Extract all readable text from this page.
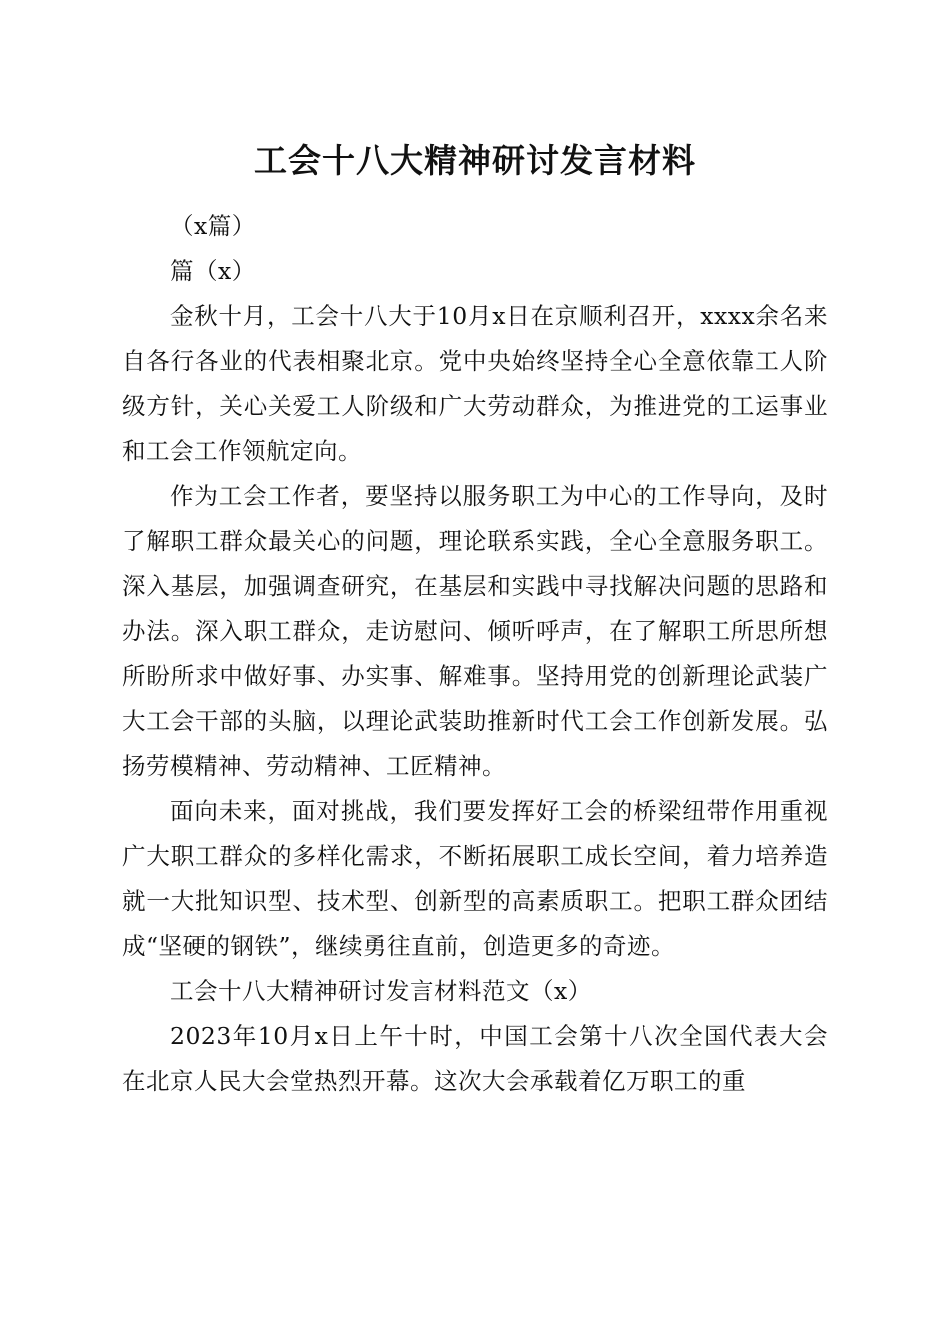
工会十八大精神研讨发言材料

（x篇）

篇（x）

金秋十月，工会十八大于10月x日在京顺利召开，xxxx余名来自各行各业的代表相聚北京。党中央始终坚持全心全意依靠工人阶级方针，关心关爱工人阶级和广大劳动群众，为推进党的工运事业和工会工作领航定向。

作为工会工作者，要坚持以服务职工为中心的工作导向，及时了解职工群众最关心的问题，理论联系实践，全心全意服务职工。深入基层，加强调查研究，在基层和实践中寻找解决问题的思路和办法。深入职工群众，走访慰问、倾听呼声，在了解职工所思所想所盼所求中做好事、办实事、解难事。坚持用党的创新理论武装广大工会干部的头脑，以理论武装助推新时代工会工作创新发展。弘扬劳模精神、劳动精神、工匠精神。

面向未来，面对挑战，我们要发挥好工会的桥梁纽带作用重视广大职工群众的多样化需求，不断拓展职工成长空间，着力培养造就一大批知识型、技术型、创新型的高素质职工。把职工群众团结成“坚硬的钢铁”，继续勇往直前，创造更多的奇迹。

工会十八大精神研讨发言材料范文（x）

2023年10月x日上午十时，中国工会第十八次全国代表大会在北京人民大会堂热烈开幕。这次大会承载着亿万职工的重
